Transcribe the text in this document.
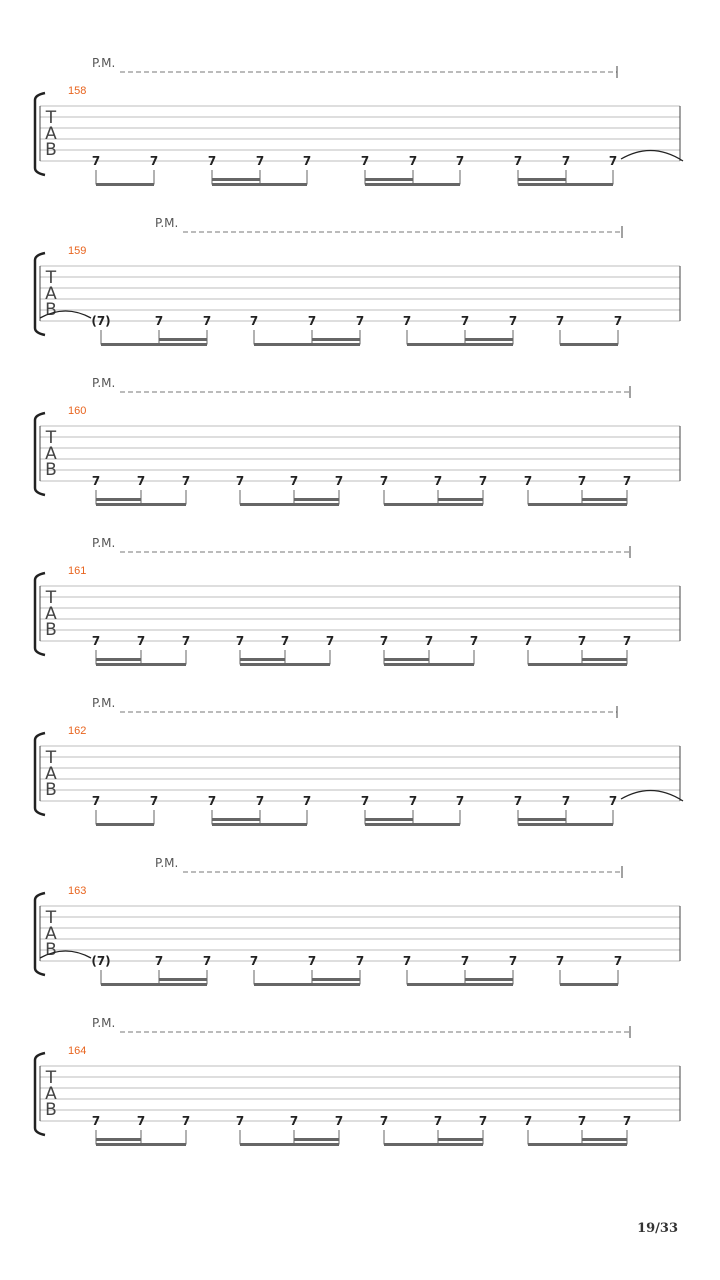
P.M.
158
T
A
B
7	7	7	7	7	7	7	7	7	7	7
P.M.
159
T
A
B
(7)	7	7	7	7	7	7	7	7	7	7
P.M.
160
T
A
B
7	7	7	7	7	7	7	7	7	7	7	7
P.M.
161
T
A
B
7	7	7	7	7	7	7	7	7	7	7	7
P.M.
162
T
A
B
7	7	7	7	7	7	7	7	7	7	7
P.M.
163
T
A
B
(7)	7	7	7	7	7	7	7	7	7	7
P.M.
164
T
A
B
7	7	7	7	7	7	7	7	7	7	7	7
19/33
